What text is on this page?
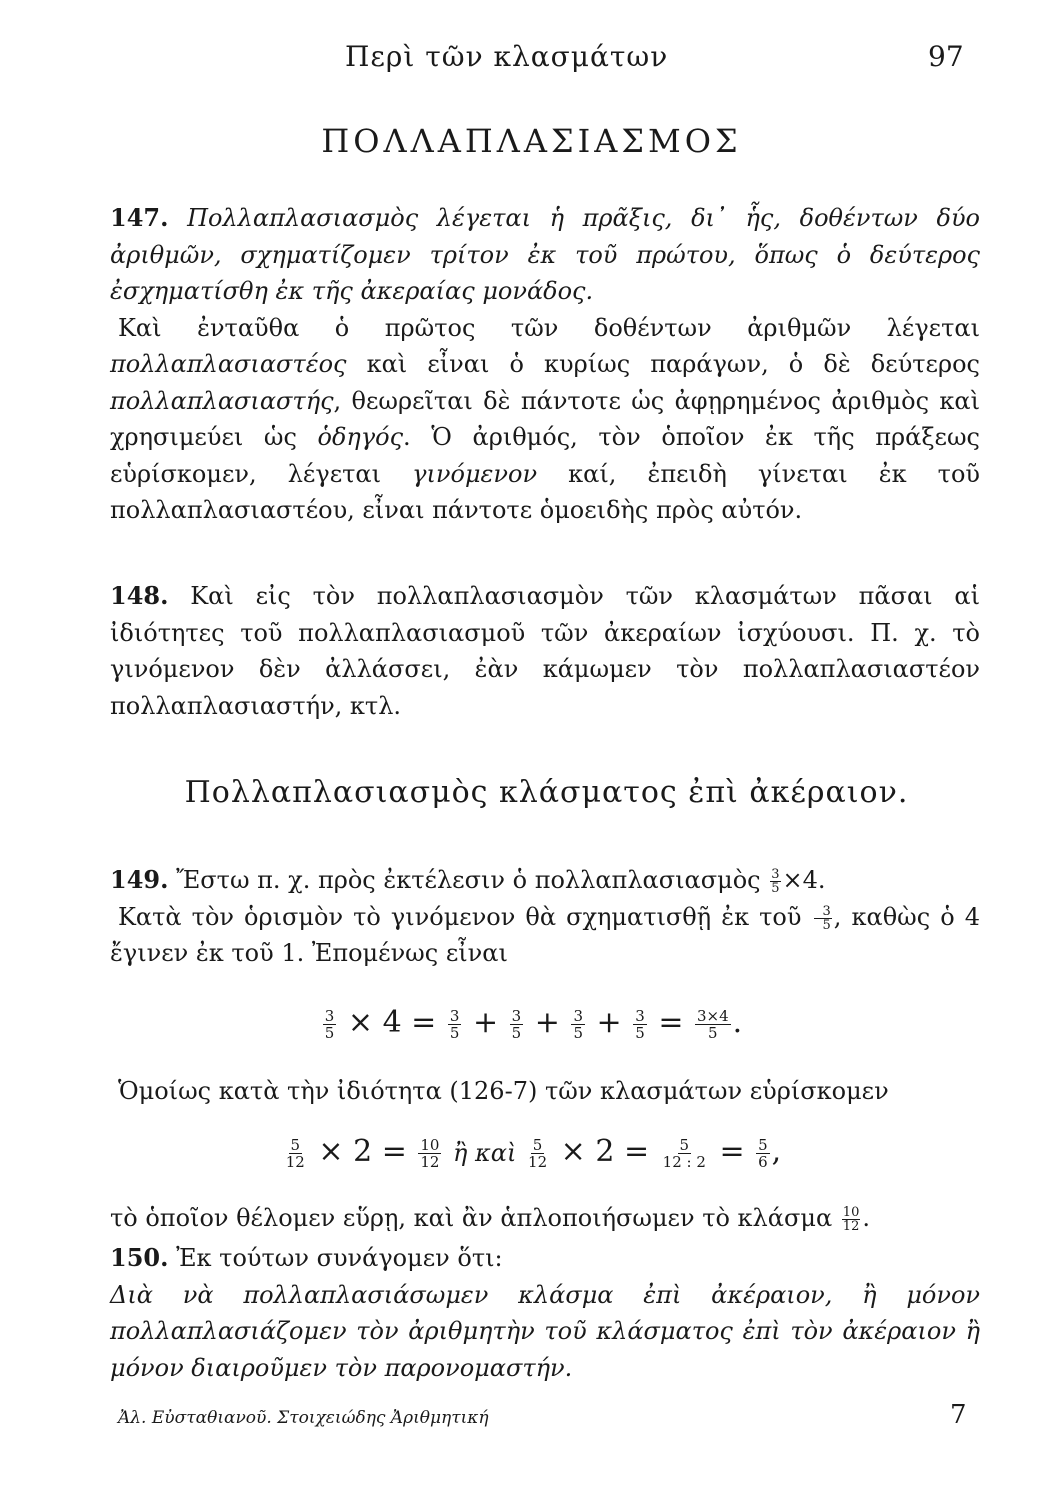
Περὶ τῶν κλασμάτων	97
ΠΟΛΛΑΠΛΑΣΙΑΣΜΟΣ

147. Πολλαπλασιασμὸς λέγεται ἡ πρᾶξις, δι᾽ ἧς, δοθέντων δύο ἀριθμῶν, σχηματίζομεν τρίτον ἐκ τοῦ πρώτου, ὅπως ὁ δεύτερος ἐσχηματίσθη ἐκ τῆς ἀκεραίας μονάδος.

Καὶ ἐνταῦθα ὁ πρῶτος τῶν δοθέντων ἀριθμῶν λέγεται πολλαπλασιαστέος καὶ εἶναι ὁ κυρίως παράγων, ὁ δὲ δεύτερος πολλαπλασιαστής, θεωρεῖται δὲ πάντοτε ὡς ἀφῃρημένος ἀριθμὸς καὶ χρησιμεύει ὡς ὁδηγός. Ὁ ἀριθμός, τὸν ὁποῖον ἐκ τῆς πράξεως εὑρίσκομεν, λέγεται γινόμενον καί, ἐπειδὴ γίνεται ἐκ τοῦ πολλαπλασιαστέου, εἶναι πάντοτε ὁμοειδὴς πρὸς αὐτόν.

148. Καὶ εἰς τὸν πολλαπλασιασμὸν τῶν κλασμάτων πᾶσαι αἱ ἰδιότητες τοῦ πολλαπλασιασμοῦ τῶν ἀκεραίων ἰσχύουσι. Π. χ. τὸ γινόμενον δὲν ἀλλάσσει, ἐὰν κάμωμεν τὸν πολλαπλασιαστέον πολλαπλασιαστήν, κτλ.

Πολλαπλασιασμὸς κλάσματος ἐπὶ ἀκέραιον.

149. Ἔστω π. χ. πρὸς ἐκτέλεσιν ὁ πολλαπλασιασμὸς $\frac{3}{5} \times 4$.

Κατὰ τὸν ὁρισμὸν τὸ γινόμενον θὰ σχηματισθῇ ἐκ τοῦ $\frac{3}{5}$ , καθὼς ὁ 4 ἔγινεν ἐκ τοῦ 1. Ἐπομένως εἶναι

$\frac{3}{5} \times 4 = \frac{3}{5} + \frac{3}{5} + \frac{3}{5} + \frac{3}{5} = \frac{3\times 4}{5}$ .

Ὁμοίως κατὰ τὴν ἰδιότητα (126-7) τῶν κλασμάτων εὑρίσκομεν

$\frac{5}{12} \times 2 = \frac{10}{12}$ ἢ καὶ $\frac{5}{12} \times 2 = \frac{5}{12 : 2} = \frac{5}{6}$ ,

τὸ ὁποῖον θέλομεν εὕρῃ, καὶ ἂν ἁπλοποιήσωμεν τὸ κλάσμα $\frac{10}{12}$ .

150. Ἐκ τούτων συνάγομεν ὅτι:

Διὰ νὰ πολλαπλασιάσωμεν κλάσμα ἐπὶ ἀκέραιον, ἢ μόνον πολλαπλασιάζομεν τὸν ἀριθμητὴν τοῦ κλάσματος ἐπὶ τὸν ἀκέραιον ἢ μόνον διαιροῦμεν τὸν παρονομαστήν.

Ἀλ. Εὐσταθιανοῦ. Στοιχειώδης Ἀριθμητική	7
